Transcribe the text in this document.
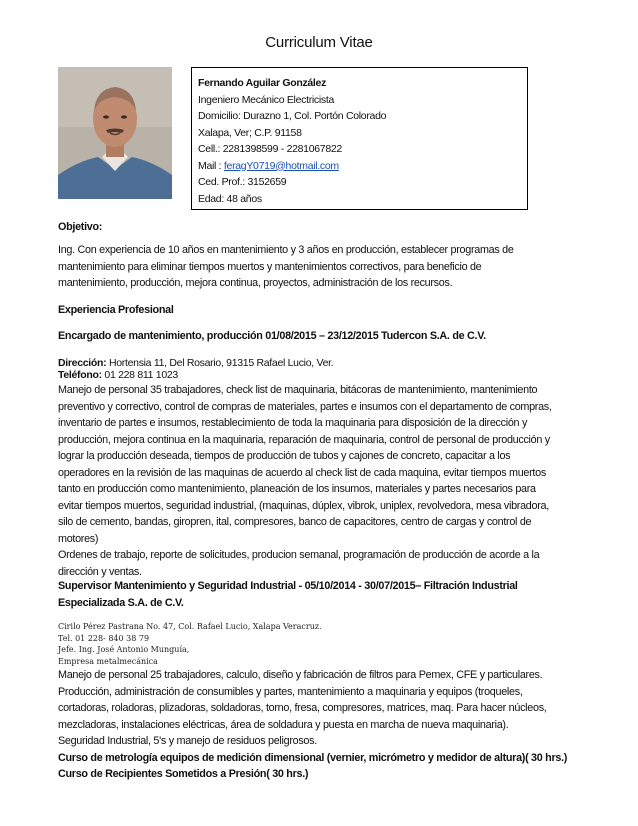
Curriculum Vitae
Fernando Aguilar González
Ingeniero Mecánico Electricista
Domicilio: Durazno 1, Col. Portón Colorado
Xalapa, Ver; C.P. 91158
Cell.: 2281398599 - 2281067822
Mail : feragY0719@hotmail.com
Ced. Prof.: 3152659
Edad: 48 años
Objetivo:
Ing. Con experiencia de 10 años en mantenimiento y 3 años en producción, establecer programas de
mantenimiento para eliminar tiempos muertos y mantenimientos correctivos, para beneficio de
mantenimiento, producción, mejora continua, proyectos, administración de los recursos.
Experiencia Profesional
Encargado de mantenimiento, producción 01/08/2015 – 23/12/2015 Tudercon S.A. de C.V.
Dirección: Hortensia 11, Del Rosario, 91315 Rafael Lucio, Ver.
Teléfono: 01 228 811 1023
Manejo de personal 35 trabajadores, check list de maquinaria, bitácoras de mantenimiento, mantenimiento
preventivo y correctivo, control de compras de materiales, partes e insumos con el departamento de compras,
inventario de partes e insumos, restablecimiento de toda la maquinaria para disposición de la dirección y
producción, mejora continua en la maquinaria, reparación de maquinaria, control de personal de producción y
lograr la producción deseada, tiempos de producción de tubos y cajones de concreto, capacitar a los
operadores en la revisión de las maquinas de acuerdo al check list de cada maquina, evitar tiempos muertos
tanto en producción como mantenimiento, planeación de los insumos, materiales y partes necesarios para
evitar tiempos muertos, seguridad industrial, (maquinas, dúplex, vibrok, uniplex, revolvedora, mesa vibradora,
silo de cemento, bandas, giropren, ital, compresores, banco de capacitores, centro de cargas y control de
motores)
Ordenes de trabajo, reporte de solicitudes, producion semanal, programación de producción de acorde a la
dirección y ventas.
Supervisor Mantenimiento y Seguridad Industrial - 05/10/2014 - 30/07/2015– Filtración Industrial
Especializada S.A. de C.V.
Cirilo Pérez Pastrana No. 47, Col. Rafael Lucio, Xalapa Veracruz.
Tel. 01 228- 840 38 79
Jefe. Ing. José Antonio Munguía,
Empresa metalmecánica
Manejo de personal 25 trabajadores, calculo, diseño y fabricación de filtros para Pemex, CFE y particulares.
Producción, administración de consumibles y partes, mantenimiento a maquinaria y equipos (troqueles,
cortadoras, roladoras, plizadoras, soldadoras, torno, fresa, compresores, matrices, maq. Para hacer núcleos,
mezcladoras, instalaciones eléctricas, área de soldadura y puesta en marcha de nueva maquinaria).
Seguridad Industrial, 5's y manejo de residuos peligrosos.
Curso de metrología equipos de medición dimensional (vernier, micrómetro y medidor de altura)( 30 hrs.)
Curso de Recipientes Sometidos a Presión( 30 hrs.)
